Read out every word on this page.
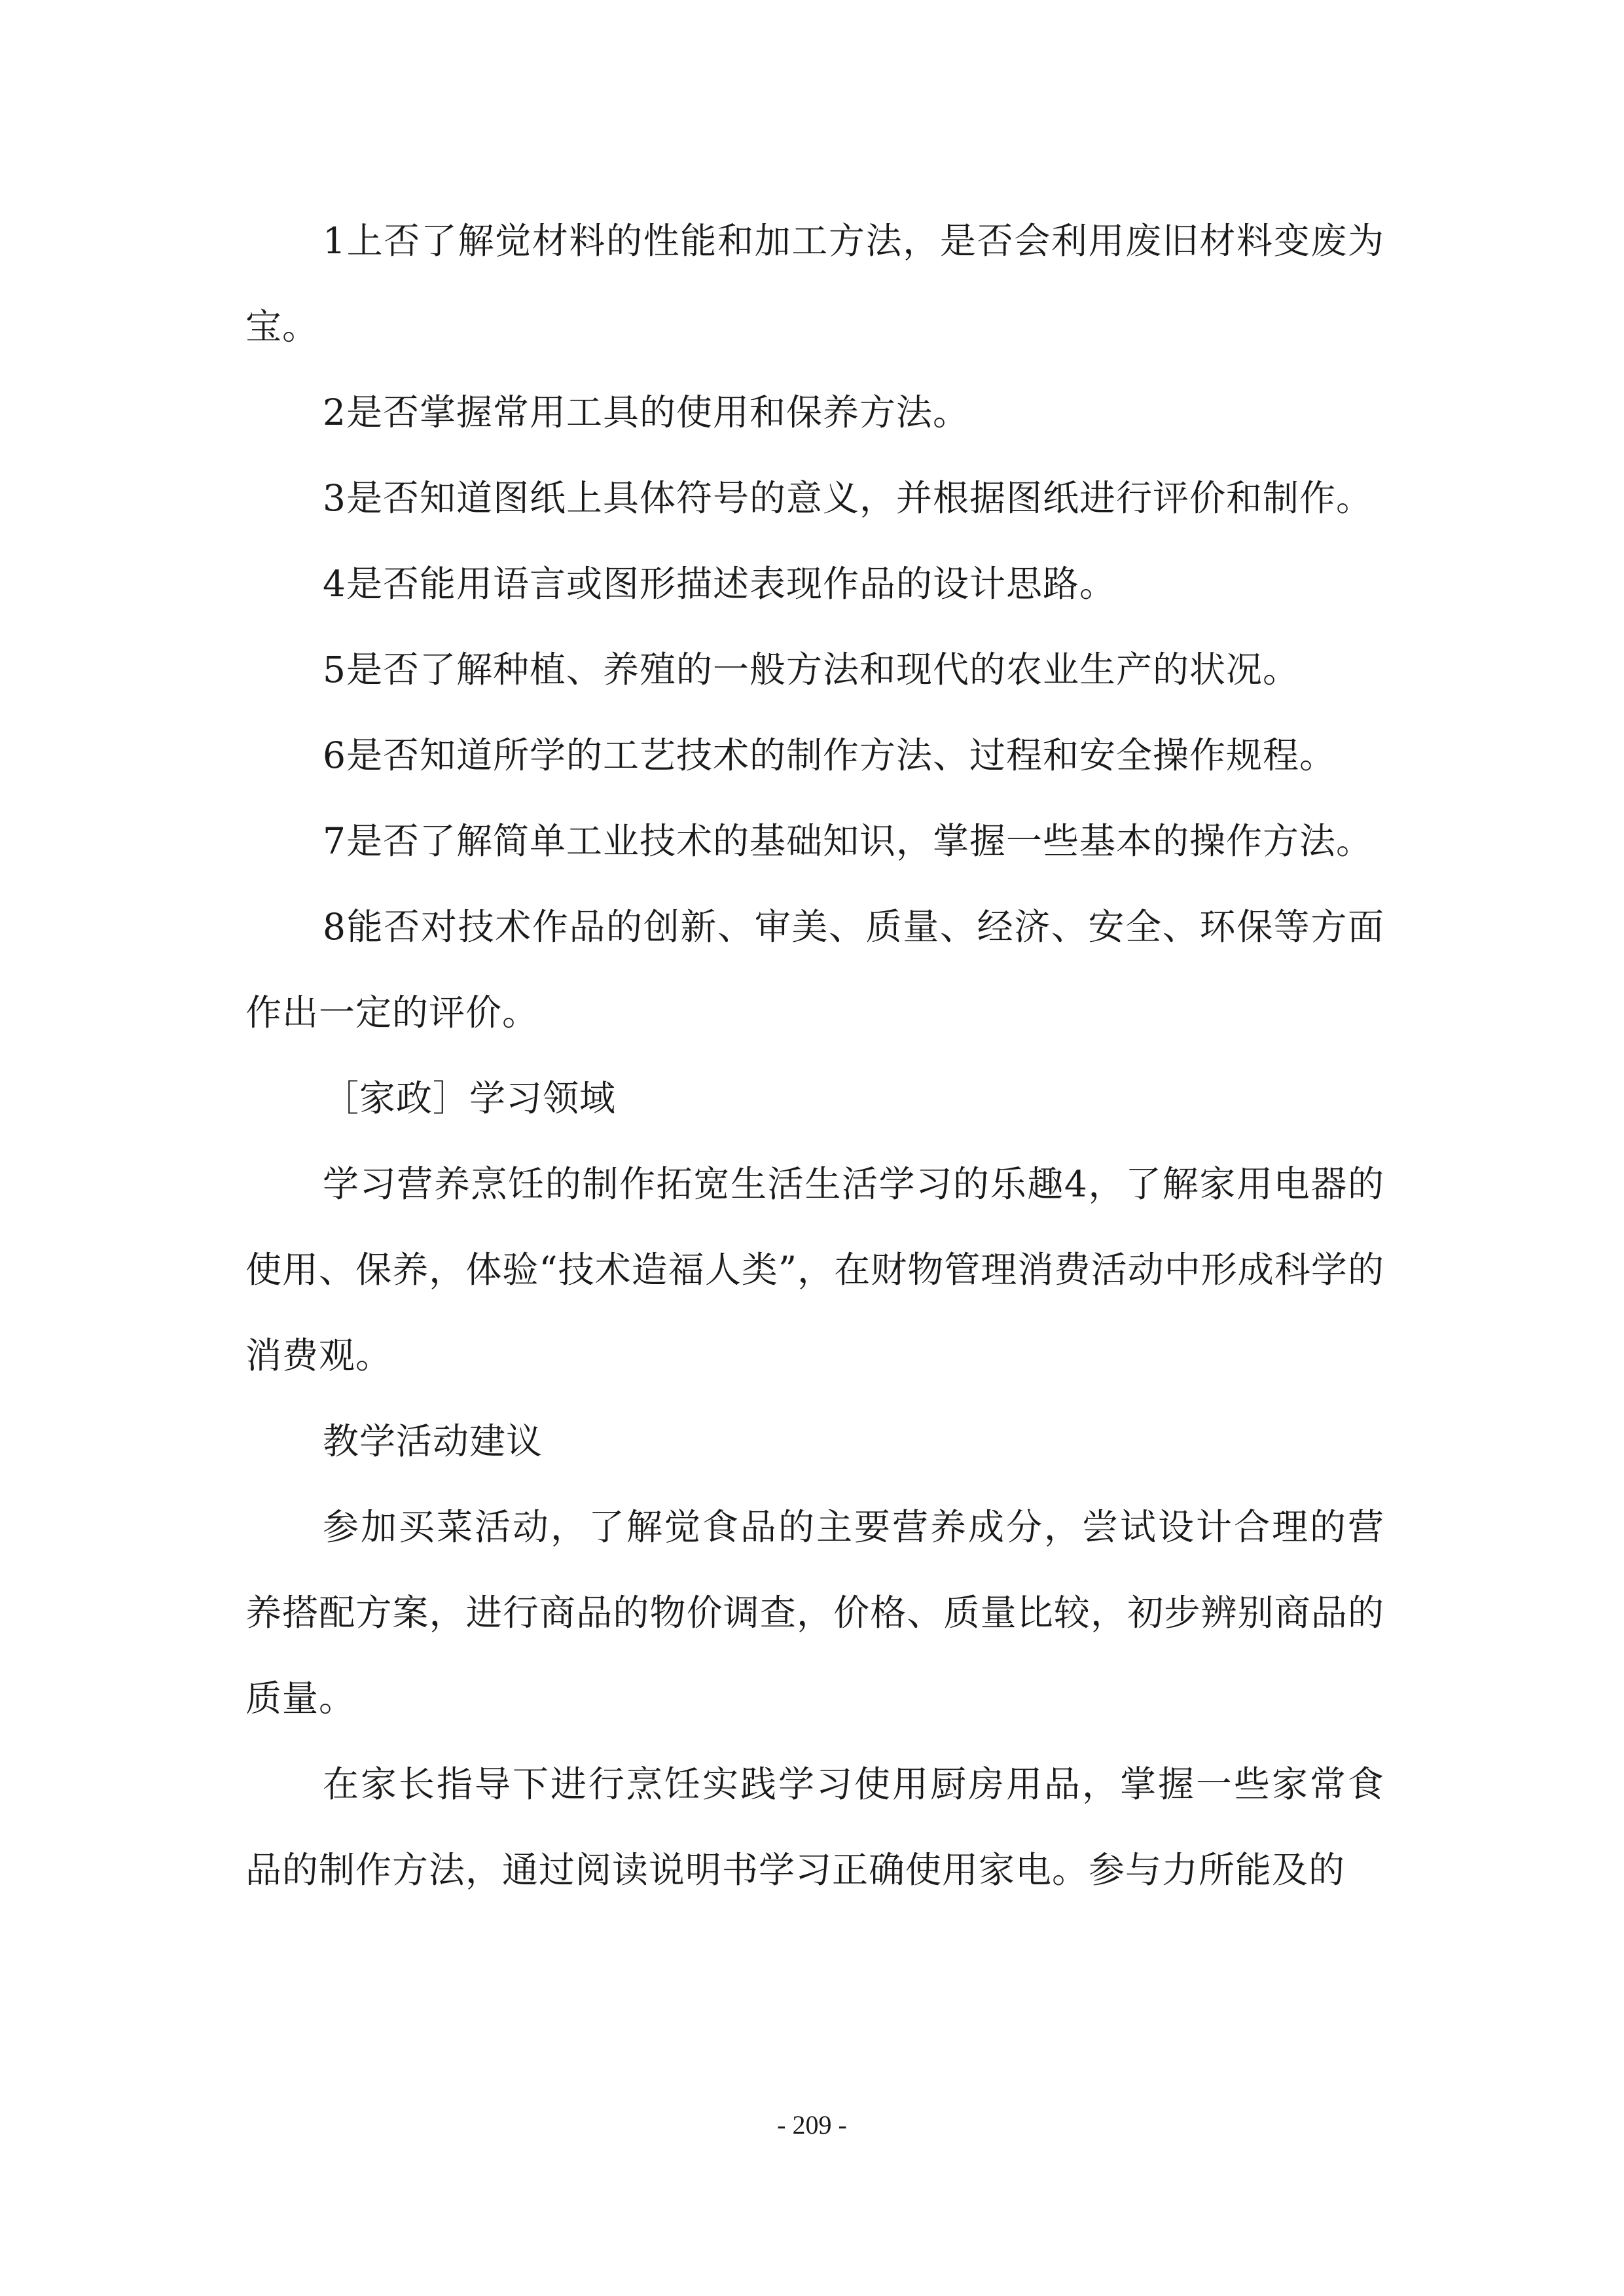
1上否了解觉材料的性能和加工方法，是否会利用废旧材料变废为宝。

2是否掌握常用工具的使用和保养方法。

3是否知道图纸上具体符号的意义，并根据图纸进行评价和制作。

4是否能用语言或图形描述表现作品的设计思路。

5是否了解种植、养殖的一般方法和现代的农业生产的状况。

6是否知道所学的工艺技术的制作方法、过程和安全操作规程。

7是否了解简单工业技术的基础知识，掌握一些基本的操作方法。

8能否对技术作品的创新、审美、质量、经济、安全、环保等方面作出一定的评价。

［家政］学习领域

学习营养烹饪的制作拓宽生活生活学习的乐趣4，了解家用电器的使用、保养，体验“技术造福人类”，在财物管理消费活动中形成科学的消费观。

教学活动建议

参加买菜活动，了解觉食品的主要营养成分，尝试设计合理的营养搭配方案，进行商品的物价调查，价格、质量比较，初步辨别商品的质量。

在家长指导下进行烹饪实践学习使用厨房用品，掌握一些家常食品的制作方法，通过阅读说明书学习正确使用家电。参与力所能及的

- 209 -
